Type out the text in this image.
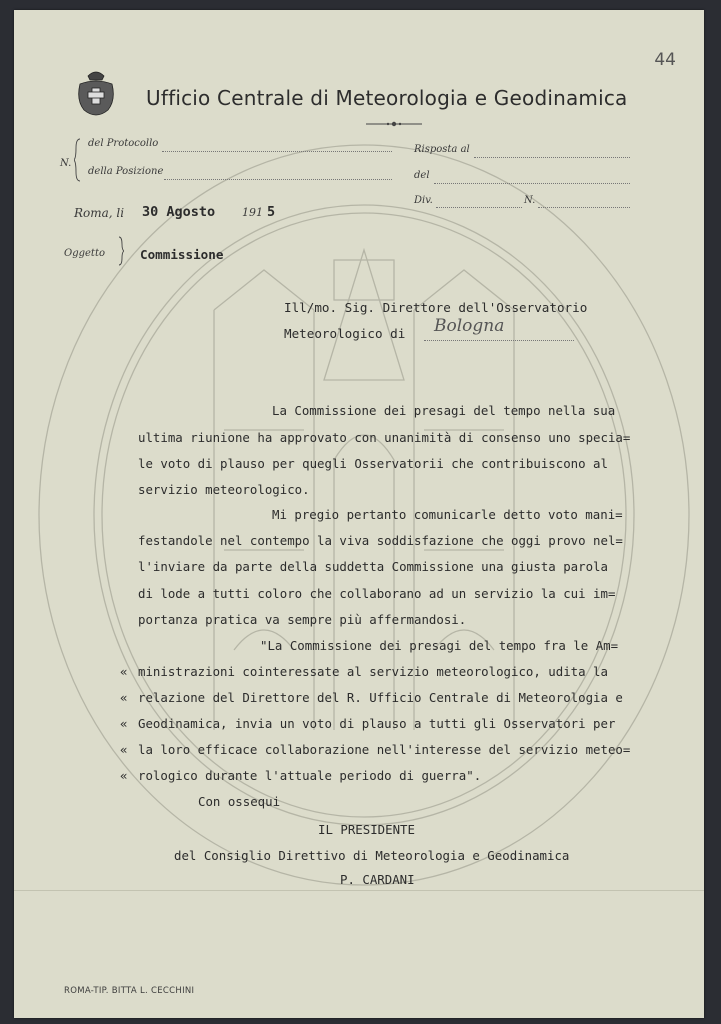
44
Ufficio Centrale di Meteorologia e Geodinamica
N.
del Protocollo
della Posizione
Risposta al
del
Div.	N.
Roma, li 30 Agosto 191 5
Oggetto	Commissione
Ill/mo. Sig. Direttore dell'Osservatorio
Meteorologico di Bologna
La Commissione dei presagi del tempo nella sua
ultima riunione ha approvato con unanimità di consenso uno specia=
le voto di plauso per quegli Osservatorii che contribuiscono al
servizio meteorologico.
Mi pregio pertanto comunicarle detto voto mani=
festandole nel contempo la viva soddisfazione che oggi provo nel=
l'inviare da parte della suddetta Commissione una giusta parola
di lode a tutti coloro che collaborano ad un servizio la cui im=
portanza pratica va sempre più affermandosi.
"La Commissione dei presagi del tempo fra le Am=
« ministrazioni cointeressate al servizio meteorologico, udita la
« relazione del Direttore del R. Ufficio Centrale di Meteorologia e
« Geodinamica, invia un voto di plauso a tutti gli Osservatori per
« la loro efficace collaborazione nell'interesse del servizio meteo=
« rologico durante l'attuale periodo di guerra".
Con ossequi
IL PRESIDENTE
del Consiglio Direttivo di Meteorologia e Geodinamica
P. CARDANI
ROMA-TIP. BITTA L. CECCHINI
